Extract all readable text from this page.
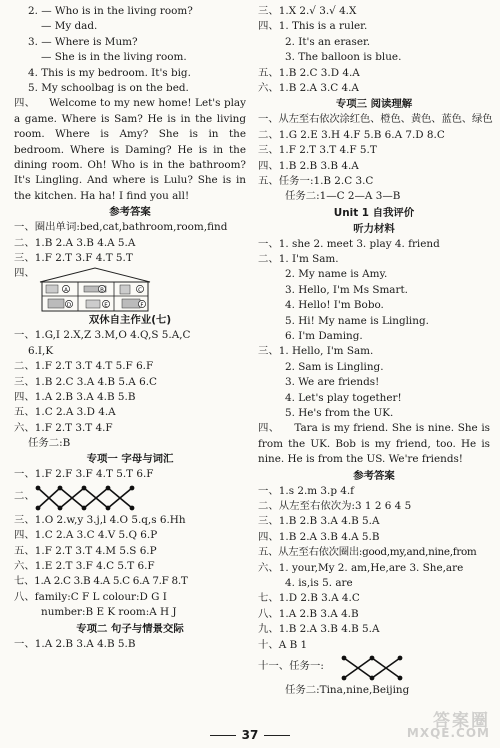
2. — Who is in the living room?
— My dad.
3. — Where is Mum?
— She is in the living room.
4. This is my bedroom. It's big.
5. My schoolbag is on the bed.
四、 Welcome to my new home! Let's play a game. Where is Sam? He is in the living room. Where is Amy? She is in the bedroom. Where is Daming? He is in the dining room. Oh! Who is in the bathroom? It's Lingling. And where is Lulu? She is in the kitchen. Ha ha! I find you all!
参考答案
一、圈出单词:bed,cat,bathroom,room,find
二、1.B 2.A 3.B 4.A 5.A
三、1.F 2.T 3.F 4.T 5.T
四、
A	B	C
D	E	F
双休自主作业(七)
一、1.G,I 2.X,Z 3.M,O 4.Q,S 5.A,C
6.I,K
二、1.F 2.T 3.T 4.T 5.F 6.F
三、1.B 2.C 3.A 4.B 5.A 6.C
四、1.A 2.B 3.A 4.B 5.B
五、1.C 2.A 3.D 4.A
六、1.F 2.T 3.T 4.F
任务二:B
专项一 字母与词汇
一、1.F 2.F 3.F 4.T 5.T 6.F
二、
三、1.O 2.w,y 3.j,l 4.O 5.q,s 6.Hh
四、1.C 2.A 3.C 4.V 5.Q 6.P
五、1.F 2.T 3.T 4.M 5.S 6.P
六、1.E 2.T 3.F 4.C 5.T 6.F
七、1.A 2.C 3.B 4.A 5.C 6.A 7.F 8.T
八、family:C F L colour:D G I
number:B E K room:A H J
专项二 句子与情景交际
一、1.A 2.B 3.A 4.B 5.B
三、1.X 2.√ 3.√ 4.X
四、1. This is a ruler.
2. It's an eraser.
3. The balloon is blue.
五、1.B 2.C 3.D 4.A
六、1.B 2.A 3.C 4.A
专项三 阅读理解
一、从左至右依次涂红色、橙色、黄色、蓝色、绿色
二、1.G 2.E 3.H 4.F 5.B 6.A 7.D 8.C
三、1.F 2.T 3.T 4.F 5.T
四、1.B 2.B 3.B 4.A
五、任务一:1.B 2.C 3.C
任务二:1—C 2—A 3—B
Unit 1 自我评价
听力材料
一、1. she 2. meet 3. play 4. friend
二、1. I'm Sam.
2. My name is Amy.
3. Hello, I'm Ms Smart.
4. Hello! I'm Bobo.
5. Hi! My name is Lingling.
6. I'm Daming.
三、1. Hello, I'm Sam.
2. Sam is Lingling.
3. We are friends!
4. Let's play together!
5. He's from the UK.
四、 Tara is my friend. She is nine. She is from the UK. Bob is my friend, too. He is nine. He is from the US. We're friends!
参考答案
一、1.s 2.m 3.p 4.f
二、从左至右依次为:3 1 2 6 4 5
三、1.B 2.B 3.A 4.B 5.A
四、1.B 2.A 3.B 4.A 5.B
五、从左至右依次圈出:good,my,and,nine,from
六、1. your,My 2. am,He,are 3. She,are
4. is,is 5. are
七、1.D 2.B 3.A 4.C
八、1.A 2.B 3.A 4.B
九、1.B 2.A 3.B 4.B 5.A
十、A B 1
十一、任务一:
任务二:Tina,nine,Beijing
37
答案圈
MXQE.COM
